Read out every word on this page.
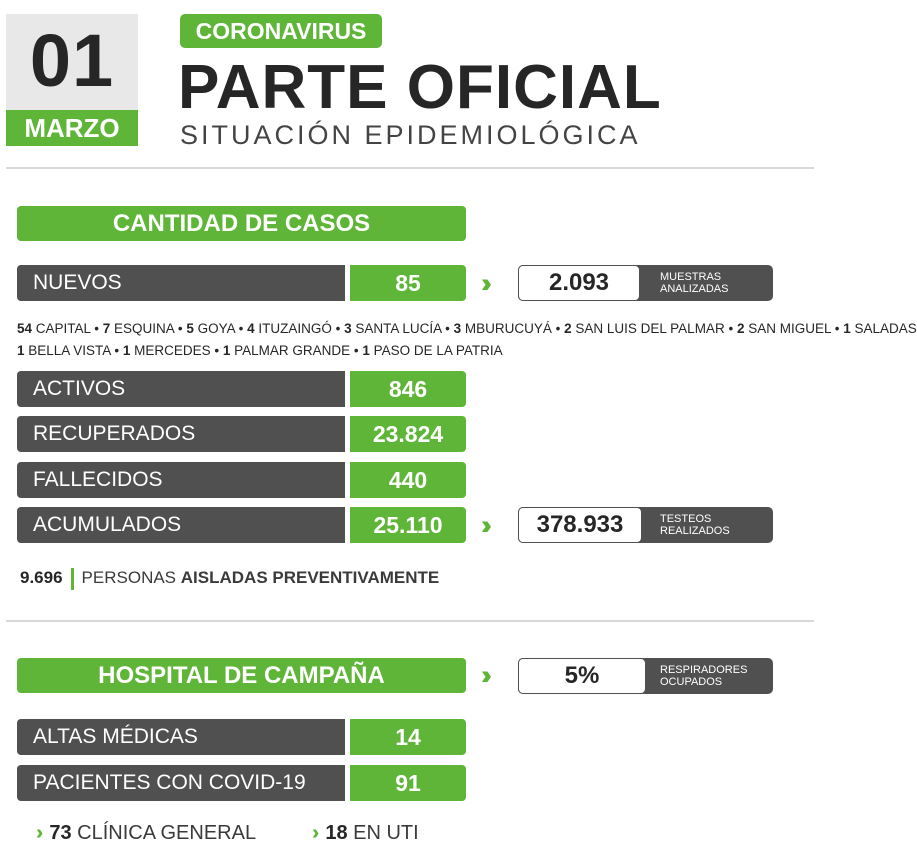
01
MARZO
CORONAVIRUS
PARTE OFICIAL
SITUACIÓN EPIDEMIOLÓGICA
CANTIDAD DE CASOS
NUEVOS	85	››	2.093	MUESTRAS
ANALIZADAS
54 CAPITAL • 7 ESQUINA • 5 GOYA • 4 ITUZAINGÓ • 3 SANTA LUCÍA • 3 MBURUCUYÁ • 2 SAN LUIS DEL PALMAR • 2 SAN MIGUEL • 1 SALADAS
1 BELLA VISTA • 1 MERCEDES • 1 PALMAR GRANDE • 1 PASO DE LA PATRIA
ACTIVOS	846
RECUPERADOS	23.824
FALLECIDOS	440
ACUMULADOS	25.110	››	378.933	TESTEOS
REALIZADOS
9.696 PERSONAS AISLADAS PREVENTIVAMENTE
HOSPITAL DE CAMPAÑA	››	5%	RESPIRADORES
OCUPADOS
ALTAS MÉDICAS	14
PACIENTES CON COVID-19	91
›› 73 CLÍNICA GENERAL	›› 18 EN UTI
